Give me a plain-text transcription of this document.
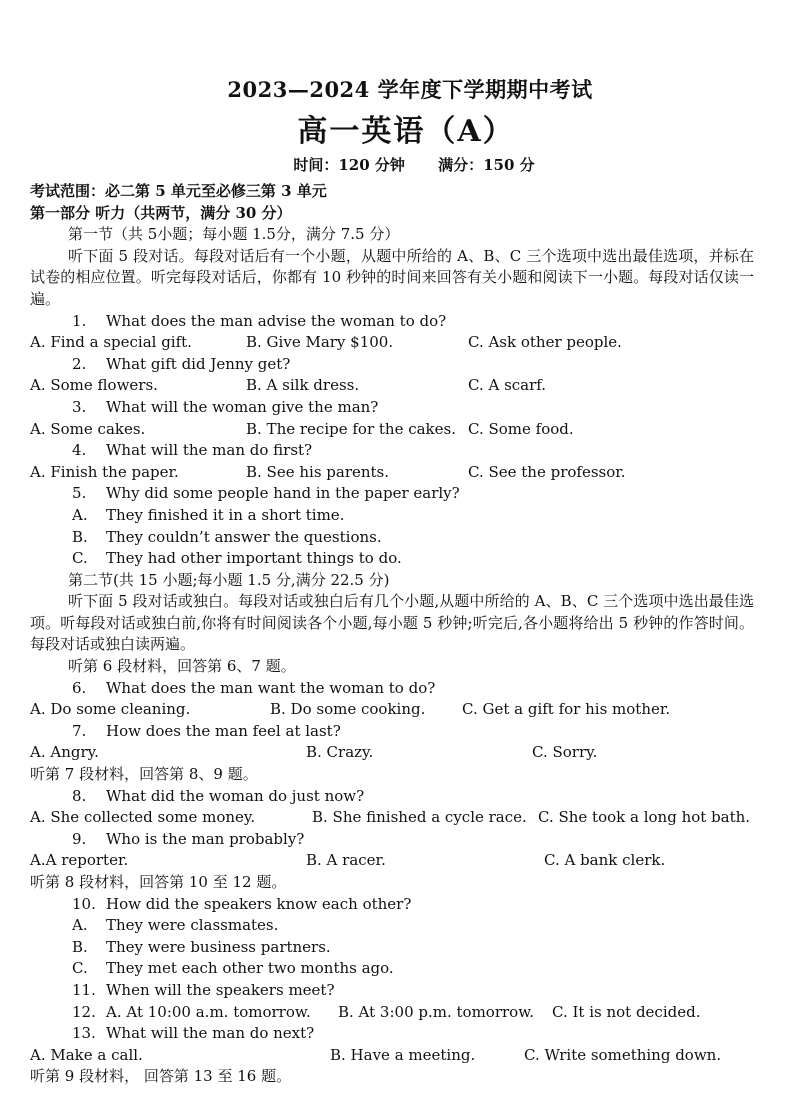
2023—2024 学年度下学期期中考试
高一英语（A）
时间：120 分钟 满分：150 分
考试范围：必二第 5 单元至必修三第 3 单元
第一部分 听力（共两节，满分 30 分）
第一节（共 5小题；每小题 1.5分，满分 7.5 分）
听下面 5 段对话。每段对话后有一个小题，从题中所给的 A、B、C 三个选项中选出最佳选项，并标在试卷的相应位置。听完每段对话后，你都有 10 秒钟的时间来回答有关小题和阅读下一小题。每段对话仅读一遍。
1. What does the man advise the woman to do?
A. Find a special gift.	B. Give Mary $100.	C. Ask other people.
2. What gift did Jenny get?
A. Some flowers.	B. A silk dress.	C. A scarf.
3. What will the woman give the man?
A. Some cakes.	B. The recipe for the cakes. C. Some food.
4. What will the man do first?
A. Finish the paper.	B. See his parents.	C. See the professor.
5. Why did some people hand in the paper early?
A. They finished it in a short time.
B. They couldn’t answer the questions.
C. They had other important things to do.
第二节(共 15 小题;每小题 1.5 分,满分 22.5 分)
听下面 5 段对话或独白。每段对话或独白后有几个小题,从题中所给的 A、B、C 三个选项中选出最佳选项。听每段对话或独白前,你将有时间阅读各个小题,每小题 5 秒钟;听完后,各小题将给出 5 秒钟的作答时间。每段对话或独白读两遍。
听第 6 段材料，回答第 6、7 题。
6. What does the man want the woman to do?
A. Do some cleaning.	B. Do some cooking.	C. Get a gift for his mother.
7. How does the man feel at last?
A. Angry.	B. Crazy.	C. Sorry.
听第 7 段材料，回答第 8、9 题。
8. What did the woman do just now?
A. She collected some money.	B. She finished a cycle race. C. She took a long hot bath.
9. Who is the man probably?
A.A reporter.	B. A racer.	C. A bank clerk.
听第 8 段材料，回答第 10 至 12 题。
10. How did the speakers know each other?
A. They were classmates.
B. They were business partners.
C. They met each other two months ago.
11. When will the speakers meet?
12. A. At 10:00 a.m. tomorrow. B. At 3:00 p.m. tomorrow. C. It is not decided.
13. What will the man do next?
A. Make a call.	B. Have a meeting.	C. Write something down.
听第 9 段材料， 回答第 13 至 16 题。
